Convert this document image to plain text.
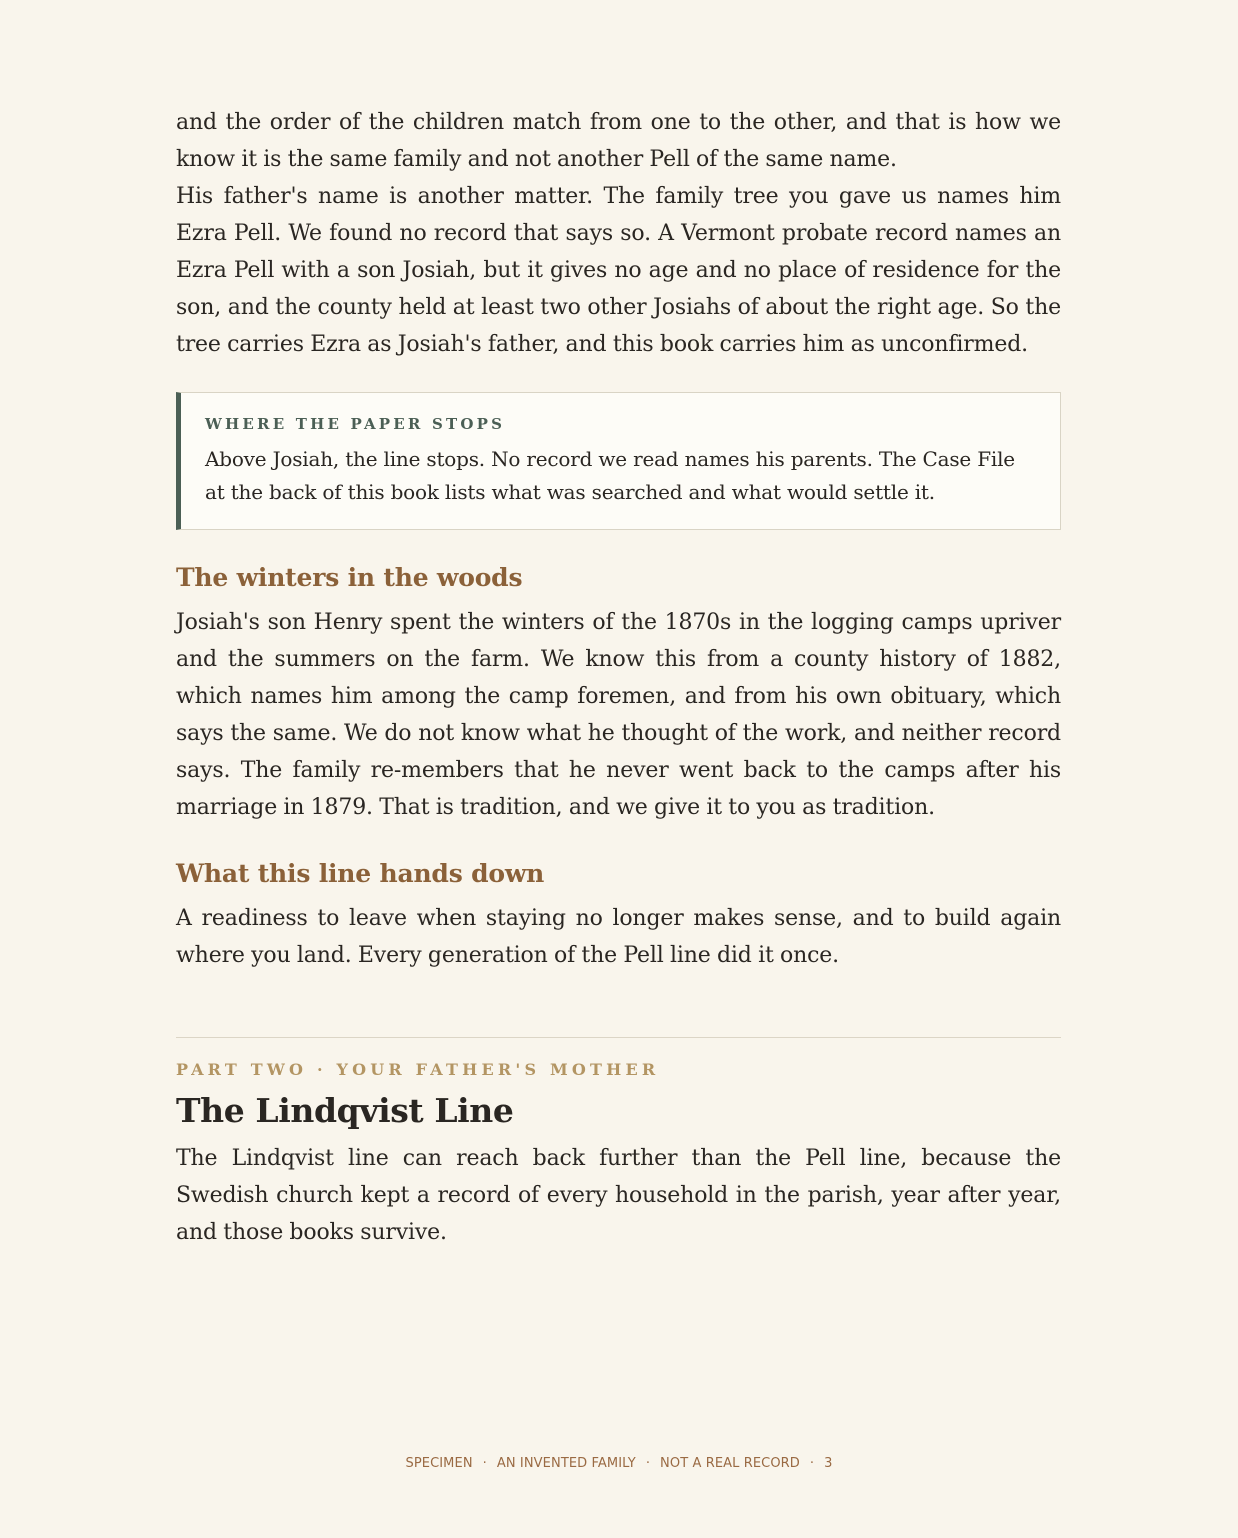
and the order of the children match from one to the other, and that is how we know it is the same family and not another Pell of the same name.

His father's name is another matter. The family tree you gave us names him Ezra Pell. We found no record that says so. A Vermont probate record names an Ezra Pell with a son Josiah, but it gives no age and no place of residence for the son, and the county held at least two other Josiahs of about the right age. So the tree carries Ezra as Josiah's father, and this book carries him as unconfirmed.

WHERE THE PAPER STOPS

Above Josiah, the line stops. No record we read names his parents. The Case File at the back of this book lists what was searched and what would settle it.

The winters in the woods

Josiah's son Henry spent the winters of the 1870s in the logging camps upriver and the summers on the farm. We know this from a county history of 1882, which names him among the camp foremen, and from his own obituary, which says the same. We do not know what he thought of the work, and neither record says. The family re-members that he never went back to the camps after his marriage in 1879. That is tradition, and we give it to you as tradition.

What this line hands down

A readiness to leave when staying no longer makes sense, and to build again where you land. Every generation of the Pell line did it once.

PART TWO · YOUR FATHER'S MOTHER
The Lindqvist Line

The Lindqvist line can reach back further than the Pell line, because the Swedish church kept a record of every household in the parish, year after year, and those books survive.

SPECIMEN · AN INVENTED FAMILY · NOT A REAL RECORD · 3
